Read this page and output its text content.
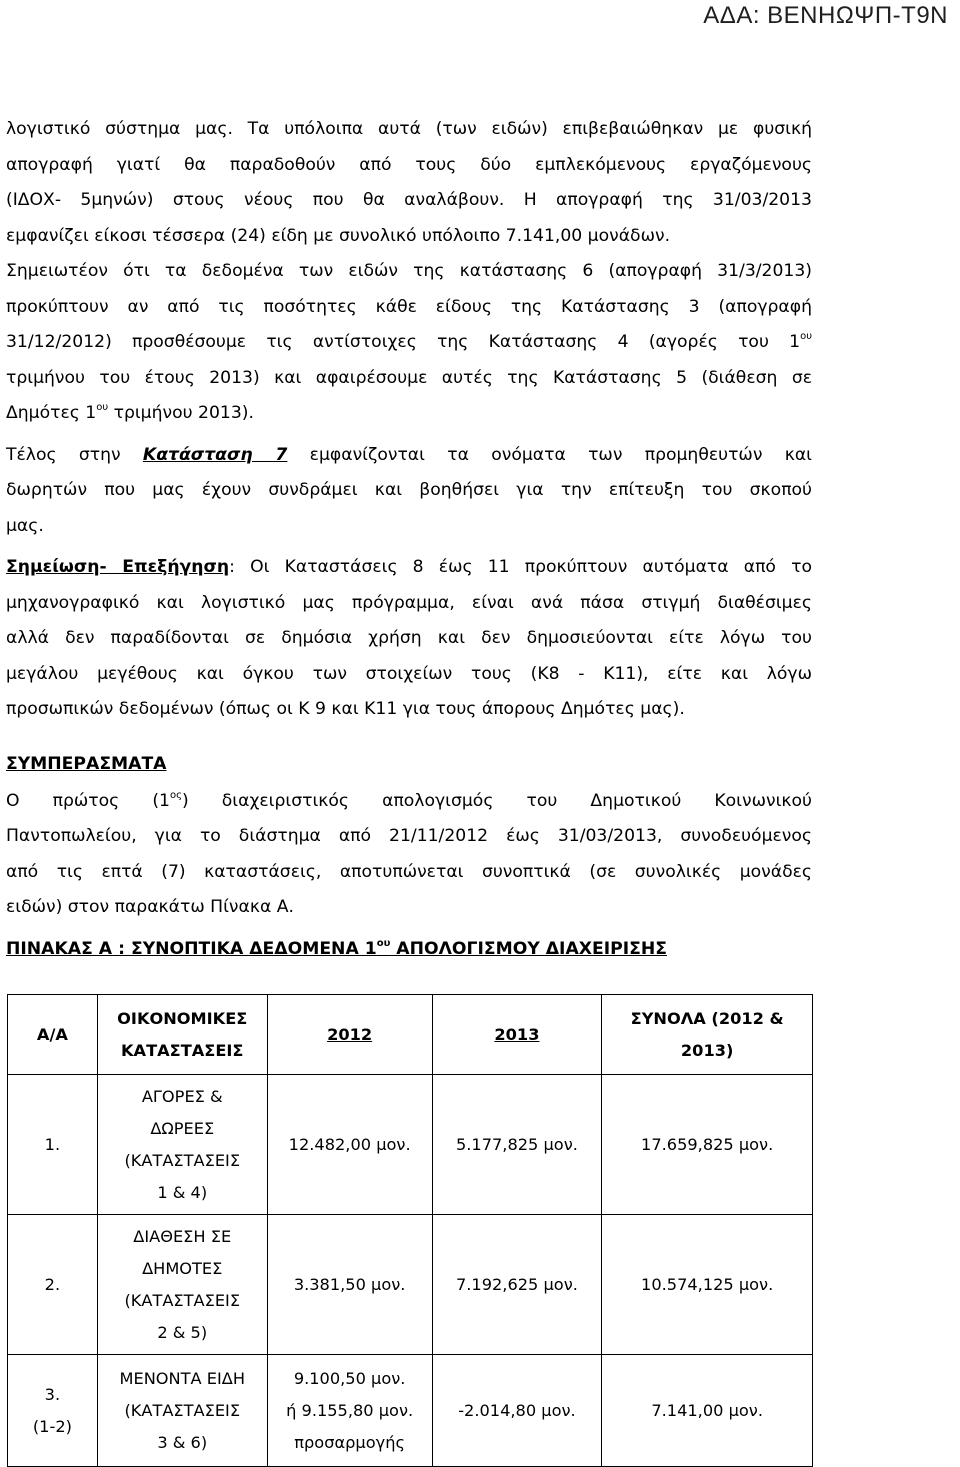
ΑΔΑ: ΒΕΝΗΩΨΠ-Τ9Ν
λογιστικό σύστημα μας. Τα υπόλοιπα αυτά (των ειδών) επιβεβαιώθηκαν με φυσική
απογραφή γιατί θα παραδοθούν από τους δύο εμπλεκόμενους εργαζόμενους
(ΙΔΟΧ- 5μηνών) στους νέους που θα αναλάβουν. Η απογραφή της 31/03/2013
εμφανίζει είκοσι τέσσερα (24) είδη με συνολικό υπόλοιπο 7.141,00 μονάδων.
Σημειωτέον ότι τα δεδομένα των ειδών της κατάστασης 6 (απογραφή 31/3/2013)
προκύπτουν αν από τις ποσότητες κάθε είδους της Κατάστασης 3 (απογραφή
31/12/2012) προσθέσουμε τις αντίστοιχες της Κατάστασης 4 (αγορές του $1^{o\upsilon}$
τριμήνου του έτους 2013) και αφαιρέσουμε αυτές της Κατάστασης 5 (διάθεση σε
Δημότες $1^{o\upsilon}$ τριμήνου 2013).
Τέλος στην Κατάσταση 7 εμφανίζονται τα ονόματα των προμηθευτών και
δωρητών που μας έχουν συνδράμει και βοηθήσει για την επίτευξη του σκοπού
μας.
Σημείωση- Επεξήγηση: Οι Καταστάσεις 8 έως 11 προκύπτουν αυτόματα από το
μηχανογραφικό και λογιστικό μας πρόγραμμα, είναι ανά πάσα στιγμή διαθέσιμες
αλλά δεν παραδίδονται σε δημόσια χρήση και δεν δημοσιεύονται είτε λόγω του
μεγάλου μεγέθους και όγκου των στοιχείων τους (Κ8 - Κ11), είτε και λόγω
προσωπικών δεδομένων (όπως οι Κ 9 και Κ11 για τους άπορους Δημότες μας).
ΣΥΜΠΕΡΑΣΜΑΤΑ
Ο   πρώτος   $(1^{o\varsigma})$   διαχειριστικός   απολογισμός   του   Δημοτικού   Κοινωνικού
Παντοπωλείου, για το διάστημα από 21/11/2012 έως 31/03/2013, συνοδευόμενος
από τις επτά (7) καταστάσεις, αποτυπώνεται συνοπτικά (σε συνολικές μονάδες
ειδών) στον παρακάτω Πίνακα Α.
ΠΙΝΑΚΑΣ Α : ΣΥΝΟΠΤΙΚΑ ΔΕΔΟΜΕΝΑ $1^{o\upsilon}$ ΑΠΟΛΟΓΙΣΜΟΥ ΔΙΑΧΕΙΡΙΣΗΣ
Α/Α	ΟΙΚΟΝΟΜΙΚΕΣ
ΚΑΤΑΣΤΑΣΕΙΣ	2012	2013	ΣΥΝΟΛΑ (2012 &
2013)

1.	ΑΓΟΡΕΣ &
ΔΩΡΕΕΣ
(ΚΑΤΑΣΤΑΣΕΙΣ
1 & 4)	12.482,00 μον.	5.177,825 μον.	17.659,825 μον.

2.	ΔΙΑΘΕΣΗ ΣΕ
ΔΗΜΟΤΕΣ
(ΚΑΤΑΣΤΑΣΕΙΣ
2 & 5)	3.381,50 μον.	7.192,625 μον.	10.574,125 μον.

3.
(1-2)	ΜΕΝΟΝΤΑ ΕΙΔΗ
(ΚΑΤΑΣΤΑΣΕΙΣ
3 & 6)	9.100,50 μον.
ή 9.155,80 μον.
προσαρμογής	-2.014,80 μον.	7.141,00 μον.
